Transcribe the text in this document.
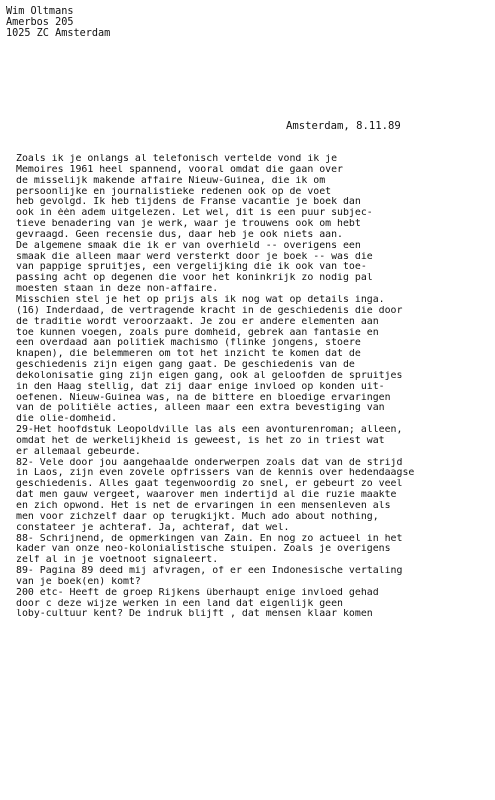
Wim Oltmans
Amerbos 205
1025 ZC Amsterdam
Amsterdam, 8.11.89
Zoals ik je onlangs al telefonisch vertelde vond ik je
Memoires 1961 heel spannend, vooral omdat die gaan over
de misselijk makende affaire Nieuw-Guinea, die ik om
persoonlijke en journalistieke redenen ook op de voet
heb gevolgd. Ik heb tijdens de Franse vacantie je boek dan
ook in één adem uitgelezen. Let wel, dit is een puur subjec-
tieve benadering van je werk, waar je trouwens ook om hebt
gevraagd. Geen recensie dus, daar heb je ook niets aan.
De algemene smaak die ik er van overhield -- overigens een
smaak die alleen maar werd versterkt door je boek -- was die
van pappige spruitjes, een vergelijking die ik ook van toe-
passing acht op degenen die voor het koninkrijk zo nodig pal
moesten staan in deze non-affaire.
Misschien stel je het op prijs als ik nog wat op details inga.
(16) Inderdaad, de vertragende kracht in de geschiedenis die door
de traditie wordt veroorzaakt. Je zou er andere elementen aan
toe kunnen voegen, zoals pure domheid, gebrek aan fantasie en
een overdaad aan politiek machismo (flinke jongens, stoere
knapen), die belemmeren om tot het inzicht te komen dat de
geschiedenis zijn eigen gang gaat. De geschiedenis van de
dekolonisatie ging zijn eigen gang, ook al geloofden de spruitjes
in den Haag stellig, dat zij daar enige invloed op konden uit-
oefenen. Nieuw-Guinea was, na de bittere en bloedige ervaringen
van de politiële acties, alleen maar een extra bevestiging van
die olie-domheid.
29-Het hoofdstuk Leopoldville las als een avonturenroman; alleen,
omdat het de werkelijkheid is geweest, is het zo in triest wat
er allemaal gebeurde.
82- Vele door jou aangehaalde onderwerpen zoals dat van de strijd
in Laos, zijn even zovele opfrissers van de kennis over hedendaagse
geschiedenis. Alles gaat tegenwoordig zo snel, er gebeurt zo veel
dat men gauw vergeet, waarover men indertijd al die ruzie maakte
en zich opwond. Het is net de ervaringen in een mensenleven als
men voor zichzelf daar op terugkijkt. Much ado about nothing,
constateer je achteraf. Ja, achteraf, dat wel.
88- Schrijnend, de opmerkingen van Zain. En nog zo actueel in het
kader van onze neo-kolonialistische stuipen. Zoals je overigens
zelf al in je voetnoot signaleert.
89- Pagina 89 deed mij afvragen, of er een Indonesische vertaling
van je boek(en) komt?
200 etc- Heeft de groep Rijkens überhaupt enige invloed gehad
door c deze wijze werken in een land dat eigenlijk geen
loby-cultuur kent? De indruk blijft , dat mensen klaar komen
